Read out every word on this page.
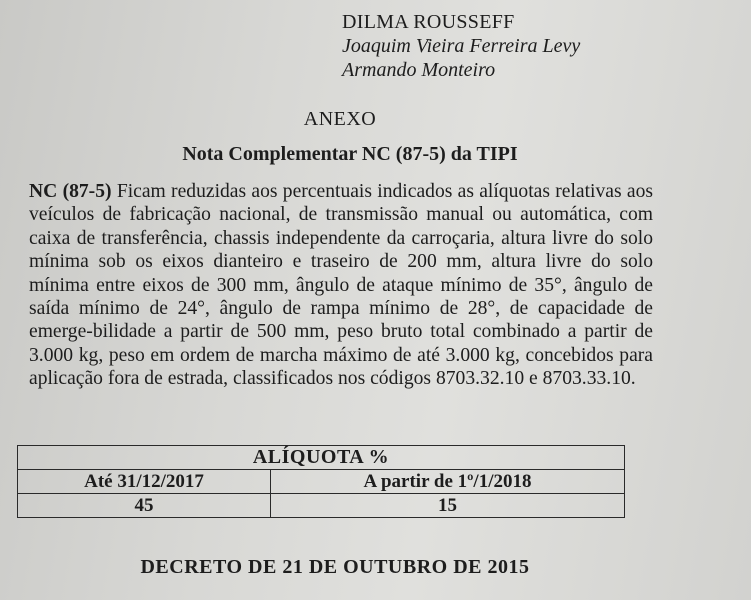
DILMA ROUSSEFF
Joaquim Vieira Ferreira Levy
Armando Monteiro
ANEXO
Nota Complementar NC (87-5) da TIPI
NC (87-5) Ficam reduzidas aos percentuais indicados as alíquotas relativas aos veículos de fabricação nacional, de transmissão manual ou automática, com caixa de transferência, chassis independente da carroçaria, altura livre do solo mínima sob os eixos dianteiro e traseiro de 200 mm, altura livre do solo mínima entre eixos de 300 mm, ângulo de ataque mínimo de 35°, ângulo de saída mínimo de 24°, ângulo de rampa mínimo de 28°, de capacidade de emerge-bilidade a partir de 500 mm, peso bruto total combinado a partir de 3.000 kg, peso em ordem de marcha máximo de até 3.000 kg, concebidos para aplicação fora de estrada, classificados nos códigos 8703.32.10 e 8703.33.10.
ALÍQUOTA %	
Até 31/12/2017	A partir de 1º/1/2018
45	15
DECRETO DE 21 DE OUTUBRO DE 2015
